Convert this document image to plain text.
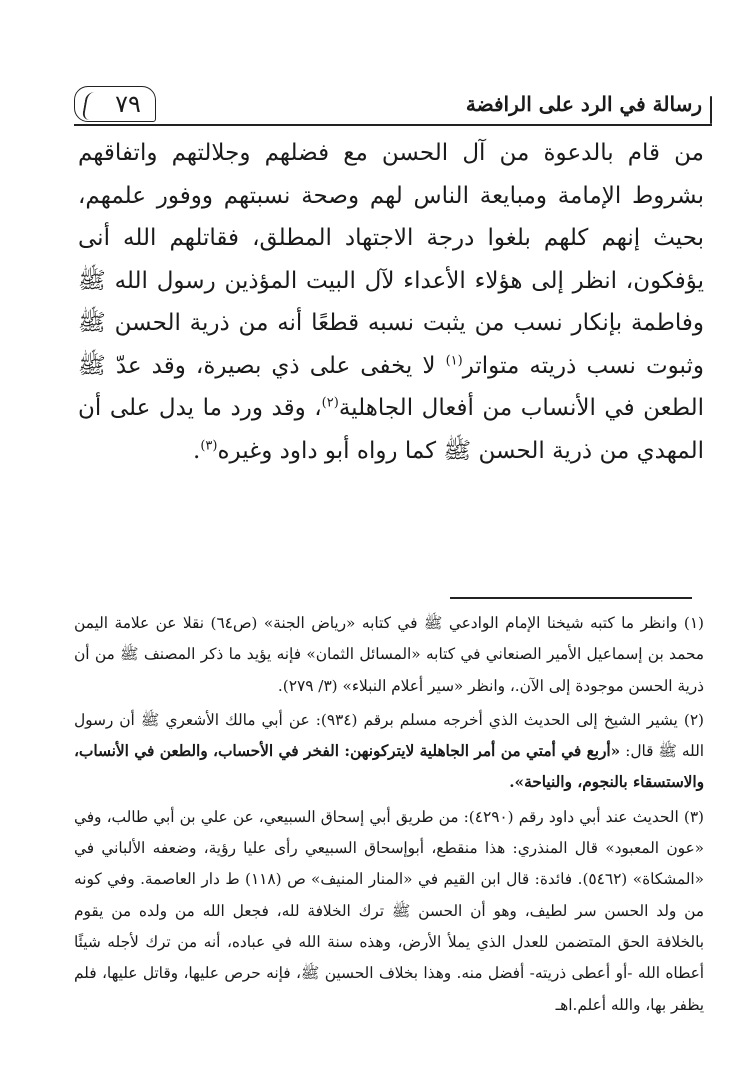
٧٩	رسالة في الرد على الرافضة

من قام بالدعوة من آل الحسن مع فضلهم وجلالتهم واتفاقهم بشروط الإمامة ومبايعة الناس لهم وصحة نسبتهم ووفور علمهم، بحيث إنهم كلهم بلغوا درجة الاجتهاد المطلق، فقاتلهم الله أنى يؤفكون، انظر إلى هؤلاء الأعداء لآل البيت المؤذين رسول الله ﷺ وفاطمة بإنكار نسب من يثبت نسبه قطعًا أنه من ذرية الحسن ﷺ وثبوت نسب ذريته متواتر$^{(١)}$ لا يخفى على ذي بصيرة، وقد عدّ ﷺ الطعن في الأنساب من أفعال الجاهلية$^{(٢)}$، وقد ورد ما يدل على أن المهدي من ذرية الحسن ﷺ كما رواه أبو داود وغيره$^{(٣)}$.

(١) وانظر ما كتبه شيخنا الإمام الوادعي ﷺ في كتابه «رياض الجنة» (ص٦٤) نقلا عن علامة اليمن محمد بن إسماعيل الأمير الصنعاني في كتابه «المسائل الثمان» فإنه يؤيد ما ذكر المصنف ﷺ من أن ذرية الحسن موجودة إلى الآن.، وانظر «سير أعلام النبلاء» (٣/ ٢٧٩).

(٢) يشير الشيخ إلى الحديث الذي أخرجه مسلم برقم (٩٣٤): عن أبي مالك الأشعري ﷺ أن رسول الله ﷺ قال: «أربع في أمتي من أمر الجاهلية لايتركونهن: الفخر في الأحساب، والطعن في الأنساب، والاستسقاء بالنجوم، والنياحة».

(٣) الحديث عند أبي داود رقم (٤٢٩٠): من طريق أبي إسحاق السبيعي، عن علي بن أبي طالب، وفي «عون المعبود» قال المنذري: هذا منقطع، أبوإسحاق السبيعي رأى عليا رؤية، وضعفه الألباني في «المشكاة» (٥٤٦٢). فائدة: قال ابن القيم في «المنار المنيف» ص (١١٨) ط دار العاصمة. وفي كونه من ولد الحسن سر لطيف، وهو أن الحسن ﷺ ترك الخلافة لله، فجعل الله من ولده من يقوم بالخلافة الحق المتضمن للعدل الذي يملأ الأرض، وهذه سنة الله في عباده، أنه من ترك لأجله شيئًا أعطاه الله -أو أعطى ذريته- أفضل منه. وهذا بخلاف الحسين ﷺ، فإنه حرص عليها، وقاتل عليها، فلم يظفر بها، والله أعلم.اهـ
